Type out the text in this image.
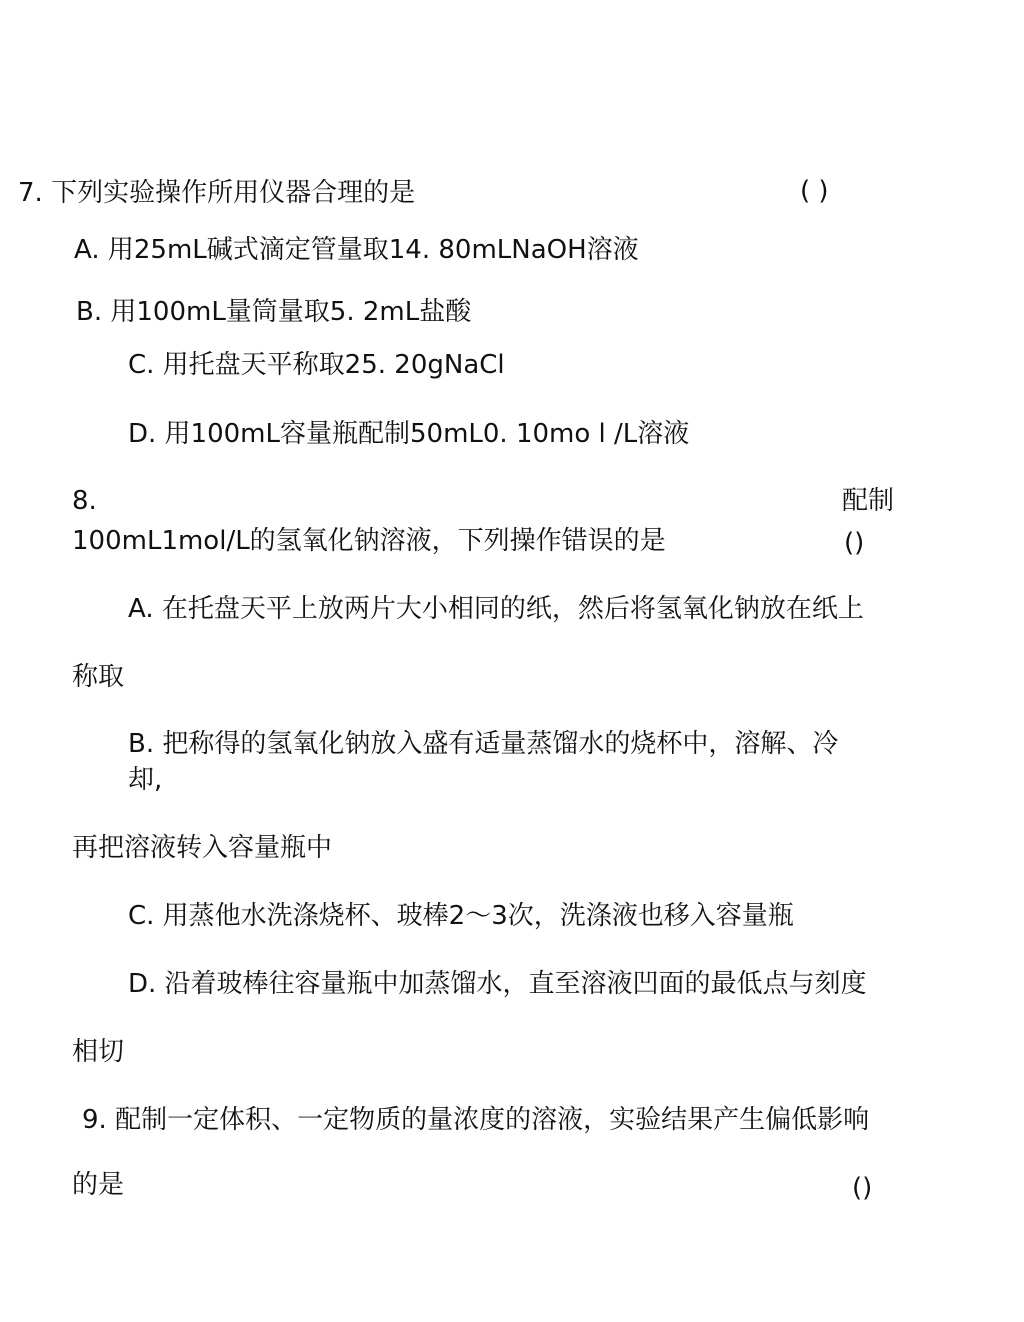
7. 下列实验操作所用仪器合理的是	( )
A. 用25mL碱式滴定管量取14. 80mLNaOH溶液
B. 用100mL量筒量取5. 2mL盐酸
C. 用托盘天平称取25. 20gNaCl
D. 用100mL容量瓶配制50mL0. 10mo l /L溶液
8.	配制
100mL1mol/L的氢氧化钠溶液，下列操作错误的是	()
A. 在托盘天平上放两片大小相同的纸，然后将氢氧化钠放在纸上
称取
B. 把称得的氢氧化钠放入盛有适量蒸馏水的烧杯中，溶解、冷
却,
再把溶液转入容量瓶中
C. 用蒸他水洗涤烧杯、玻棒2～3次，洗涤液也移入容量瓶
D. 沿着玻棒往容量瓶中加蒸馏水，直至溶液凹面的最低点与刻度
相切
9. 配制一定体积、一定物质的量浓度的溶液，实验结果产生偏低影响
的是	()
